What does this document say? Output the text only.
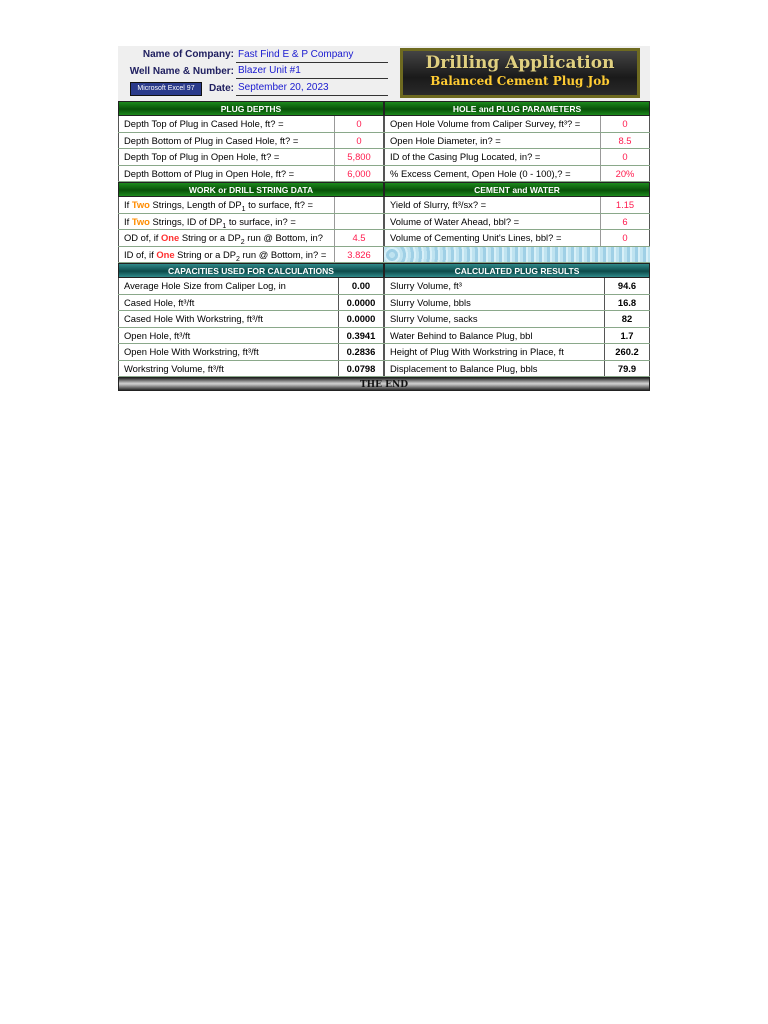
Name of Company: Fast Find E & P Company
Well Name & Number: Blazer Unit #1
Microsoft Excel 97	Date: September 20, 2023
Drilling Application
Balanced Cement Plug Job
PLUG DEPTHS
Depth Top of Plug in Cased Hole, ft? =	0
Depth Bottom of Plug in Cased Hole, ft? =	0
Depth Top of Plug in Open Hole, ft? =	5,800
Depth Bottom of Plug in Open Hole, ft? =	6,000
HOLE and PLUG PARAMETERS
Open Hole Volume from Caliper Survey, ft³? =	0
Open Hole Diameter, in? =	8.5
ID of the Casing Plug Located, in? =	0
% Excess Cement, Open Hole (0 - 100),? =	20%
WORK or DRILL STRING DATA
If Two Strings, Length of $DP_1$ to surface, ft? =
If Two Strings, ID of $DP_1$ to surface, in? =
OD of, if One String or a $DP_2$ run @ Bottom, in?	4.5
ID of, if One String or a $DP_2$ run @ Bottom, in? =	3.826
CEMENT and WATER
Yield of Slurry, ft³/sx? =	1.15
Volume of Water Ahead, bbl? =	6
Volume of Cementing Unit's Lines, bbl? =	0
CAPACITIES USED FOR CALCULATIONS
Average Hole Size from Caliper Log, in	0.00
Cased Hole, ft³/ft	0.0000
Cased Hole With Workstring, ft³/ft	0.0000
Open Hole, ft³/ft	0.3941
Open Hole With Workstring, ft³/ft	0.2836
Workstring Volume, ft³/ft	0.0798
CALCULATED PLUG RESULTS
Slurry Volume, ft³	94.6
Slurry Volume, bbls	16.8
Slurry Volume, sacks	82
Water Behind to Balance Plug, bbl	1.7
Height of Plug With Workstring in Place, ft	260.2
Displacement to Balance Plug, bbls	79.9
THE END
